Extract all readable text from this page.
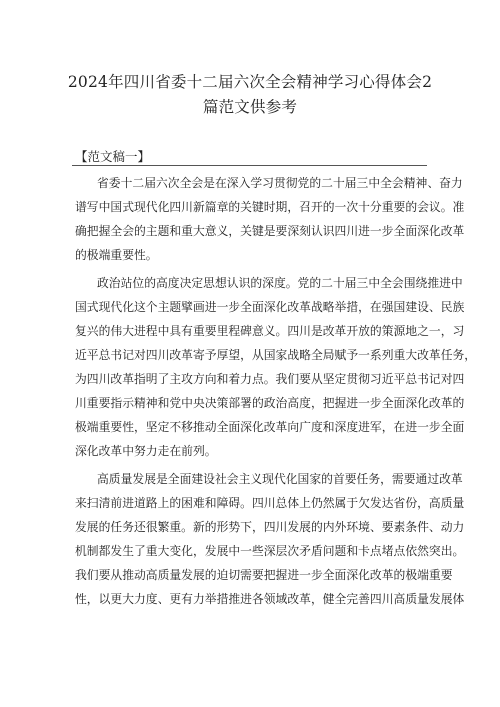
2024年四川省委十二届六次全会精神学习心得体会2
篇范文供参考
【范文稿一】
省委十二届六次全会是在深入学习贯彻党的二十届三中全会精神、奋力
谱写中国式现代化四川新篇章的关键时期，召开的一次十分重要的会议。准
确把握全会的主题和重大意义，关键是要深刻认识四川进一步全面深化改革
的极端重要性。
政治站位的高度决定思想认识的深度。党的二十届三中全会围绕推进中
国式现代化这个主题擘画进一步全面深化改革战略举措，在强国建设、民族
复兴的伟大进程中具有重要里程碑意义。四川是改革开放的策源地之一，习
近平总书记对四川改革寄予厚望，从国家战略全局赋予一系列重大改革任务，
为四川改革指明了主攻方向和着力点。我们要从坚定贯彻习近平总书记对四
川重要指示精神和党中央决策部署的政治高度，把握进一步全面深化改革的
极端重要性，坚定不移推动全面深化改革向广度和深度进军，在进一步全面
深化改革中努力走在前列。
高质量发展是全面建设社会主义现代化国家的首要任务，需要通过改革
来扫清前进道路上的困难和障碍。四川总体上仍然属于欠发达省份，高质量
发展的任务还很繁重。新的形势下，四川发展的内外环境、要素条件、动力
机制都发生了重大变化，发展中一些深层次矛盾问题和卡点堵点依然突出。
我们要从推动高质量发展的迫切需要把握进一步全面深化改革的极端重要
性，以更大力度、更有力举措推进各领域改革，健全完善四川高质量发展体
